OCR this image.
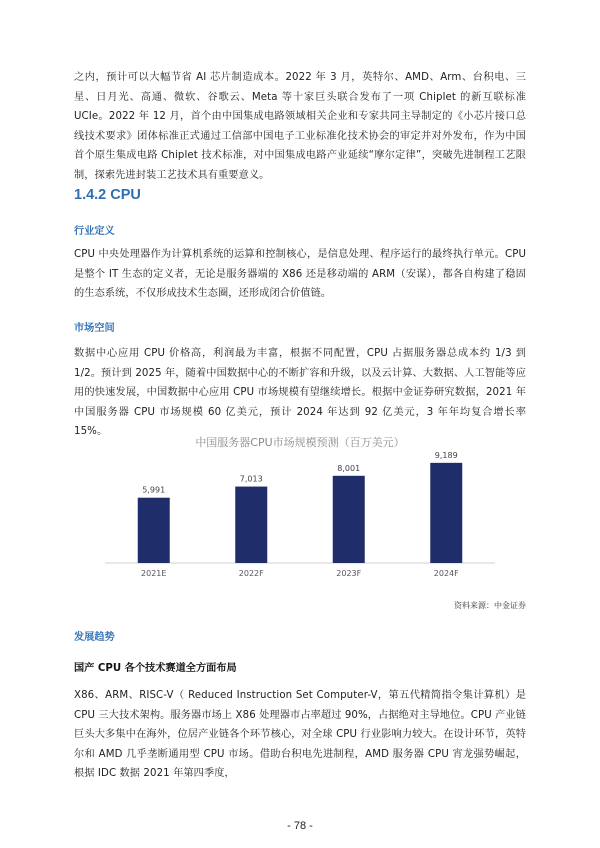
之内，预计可以大幅节省 AI 芯片制造成本。2022 年 3 月，英特尔、AMD、Arm、台积电、三星、日月光、高通、微软、谷歌云、Meta 等十家巨头联合发布了一项 Chiplet 的新互联标准 UCIe。2022 年 12 月，首个由中国集成电路领域相关企业和专家共同主导制定的《小芯片接口总线技术要求》团体标准正式通过工信部中国电子工业标准化技术协会的审定并对外发布，作为中国首个原生集成电路 Chiplet 技术标准，对中国集成电路产业延续“摩尔定律”，突破先进制程工艺限制，探索先进封装工艺技术具有重要意义。
1.4.2 CPU
行业定义
CPU 中央处理器作为计算机系统的运算和控制核心，是信息处理、程序运行的最终执行单元。CPU 是整个 IT 生态的定义者，无论是服务器端的 X86 还是移动端的 ARM（安谋），都各自构建了稳固的生态系统，不仅形成技术生态圈，还形成闭合价值链。
市场空间
数据中心应用 CPU 价格高，利润最为丰富，根据不同配置，CPU 占据服务器总成本约 1/3 到 1/2。预计到 2025 年，随着中国数据中心的不断扩容和升级，以及云计算、大数据、人工智能等应用的快速发展，中国数据中心应用 CPU 市场规模有望继续增长。根据中金证券研究数据，2021 年中国服务器 CPU 市场规模 60 亿美元，预计 2024 年达到 92 亿美元，3 年年均复合增长率 15%。
中国服务器CPU市场规模预测（百万美元）
5,991
2021E
7,013
2022F
8,001
2023F
9,189
2024F
资料来源：中金证券
发展趋势
国产 CPU 各个技术赛道全方面布局
X86、ARM、RISC-V（ Reduced Instruction Set Computer-V，第五代精简指令集计算机）是 CPU 三大技术架构。服务器市场上 X86 处理器市占率超过 90%，占据绝对主导地位。CPU 产业链巨头大多集中在海外，位居产业链各个环节核心，对全球 CPU 行业影响力较大。在设计环节，英特尔和 AMD 几乎垄断通用型 CPU 市场。借助台积电先进制程，AMD 服务器 CPU 宵龙强势崛起，根据 IDC 数据 2021 年第四季度，
- 78 -
